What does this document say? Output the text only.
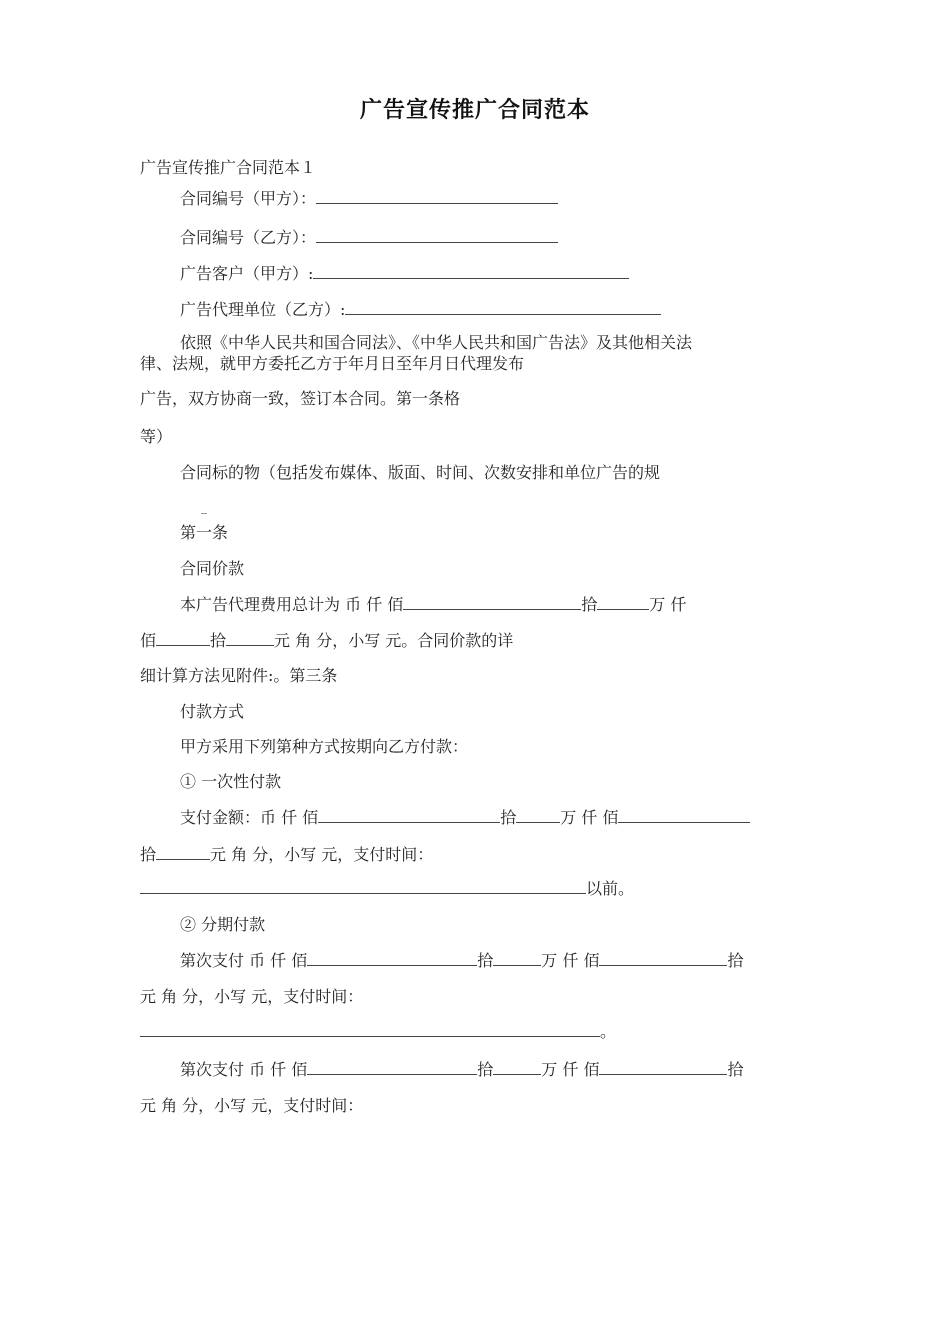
广告宣传推广合同范本
广告宣传推广合同范本１
合同编号（甲方）：
合同编号（乙方）：
广告客户（甲方）:
广告代理单位（乙方）:
依照《中华人民共和国合同法》、《中华人民共和国广告法》及其他相关法
律、法规，就甲方委托乙方于年月日至年月日代理发布
广告，双方协商一致，签订本合同。第一条格
等）
合同标的物（包括发布媒体、版面、时间、次数安排和单位广告的规
_
第一条
合同价款
本广告代理费用总计为 币 仟 佰	拾	万 仟
佰	拾	元 角 分，小写 元。合同价款的详
细计算方法见附件:。第三条
付款方式
甲方采用下列第种方式按期向乙方付款：
① 一次性付款
支付金额：币 仟 佰	拾	万 仟 佰
拾	元 角 分，小写 元，支付时间：
以前。
② 分期付款
第次支付 币 仟 佰	拾	万 仟 佰	拾
元 角 分，小写 元，支付时间：
。
第次支付 币 仟 佰	拾	万 仟 佰	拾
元 角 分，小写 元，支付时间：
